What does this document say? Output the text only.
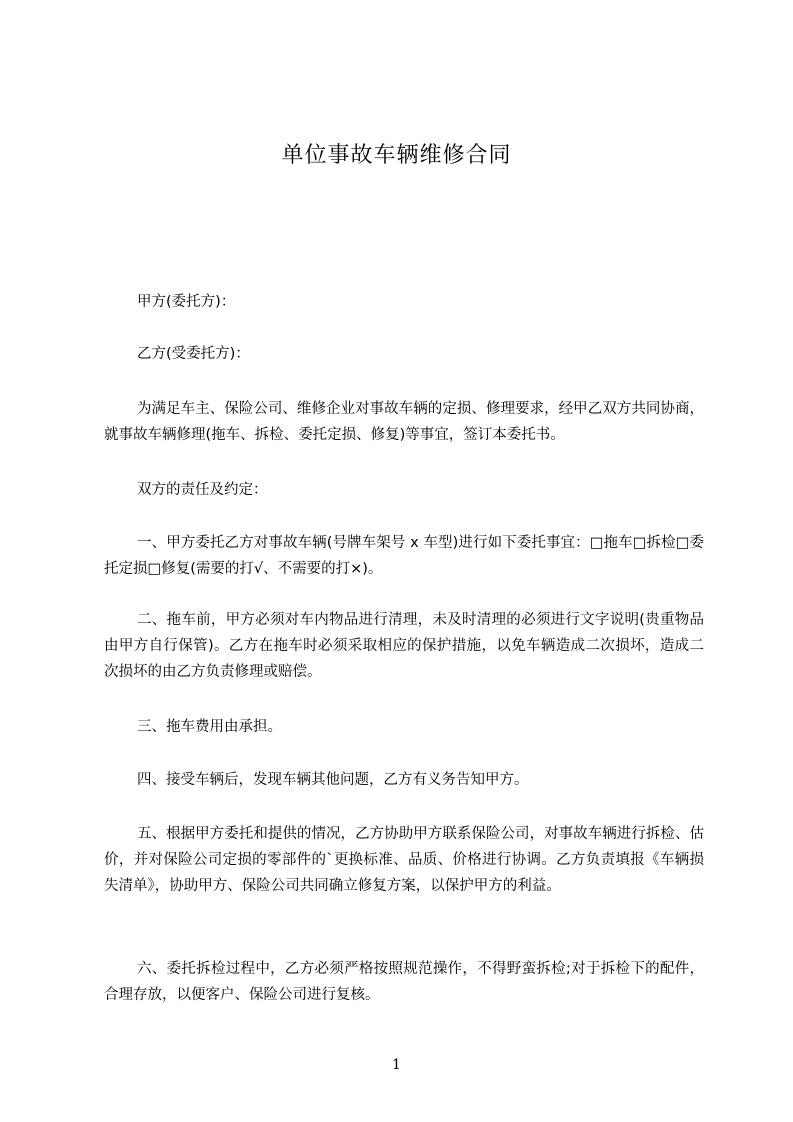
单位事故车辆维修合同
甲方(委托方)：
乙方(受委托方)：
为满足车主、保险公司、维修企业对事故车辆的定损、修理要求，经甲乙双方共同协商，就事故车辆修理(拖车、拆检、委托定损、修复)等事宜，签订本委托书。
双方的责任及约定：
一、甲方委托乙方对事故车辆(号牌车架号 x 车型)进行如下委托事宜：□拖车□拆检□委托定损□修复(需要的打√、不需要的打×)。
二、拖车前，甲方必须对车内物品进行清理，未及时清理的必须进行文字说明(贵重物品由甲方自行保管)。乙方在拖车时必须采取相应的保护措施，以免车辆造成二次损坏，造成二次损坏的由乙方负责修理或赔偿。
三、拖车费用由承担。
四、接受车辆后，发现车辆其他问题，乙方有义务告知甲方。
五、根据甲方委托和提供的情况，乙方协助甲方联系保险公司，对事故车辆进行拆检、估价，并对保险公司定损的零部件的`更换标准、品质、价格进行协调。乙方负责填报《车辆损失清单》，协助甲方、保险公司共同确立修复方案，以保护甲方的利益。
六、委托拆检过程中，乙方必须严格按照规范操作，不得野蛮拆检;对于拆检下的配件，合理存放，以便客户、保险公司进行复核。
1
